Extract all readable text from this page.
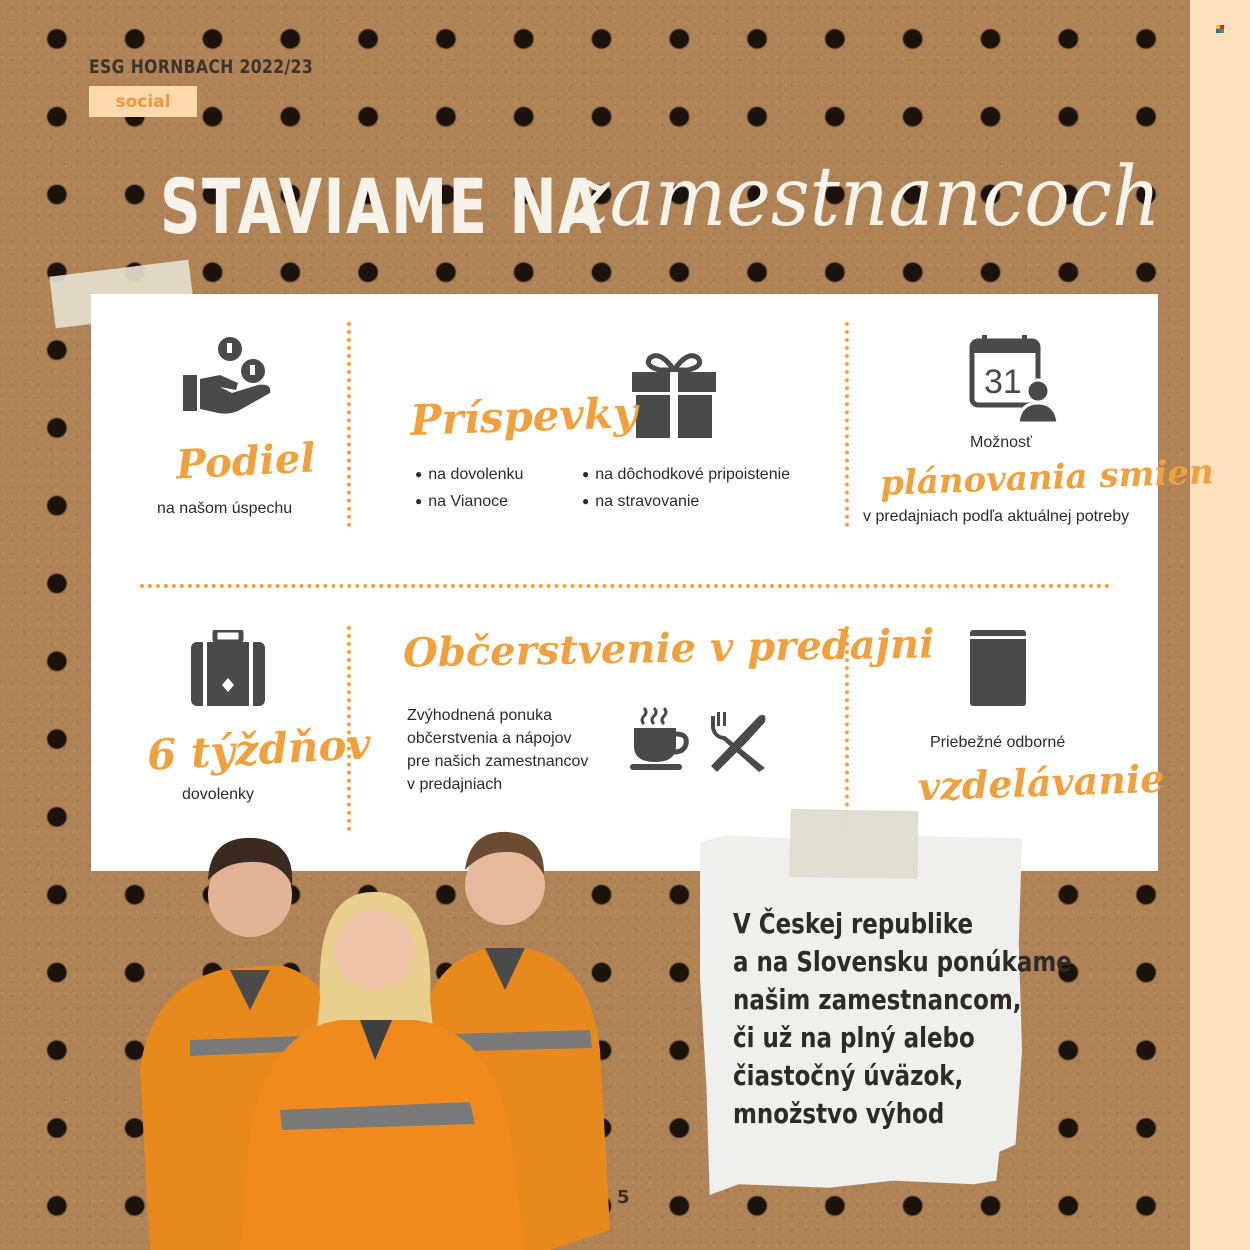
ESG HORNBACH 2022/23
social
STAVIAME NA
zamestnancoch
Podiel
na našom úspechu
Príspevky
● na dovolenku
● na Vianoce
● na dôchodkové pripoistenie
● na stravovanie
31
Možnosť
plánovania smien
v predajniach podľa aktuálnej potreby
6 týždňov
dovolenky
Občerstvenie v predajni
Zvýhodnená ponuka
občerstvenia a nápojov
pre našich zamestnancov
v predajniach
Priebežné odborné
vzdelávanie
V Českej republike
a na Slovensku ponúkame
našim zamestnancom,
či už na plný alebo
čiastočný úväzok,
množstvo výhod
5
